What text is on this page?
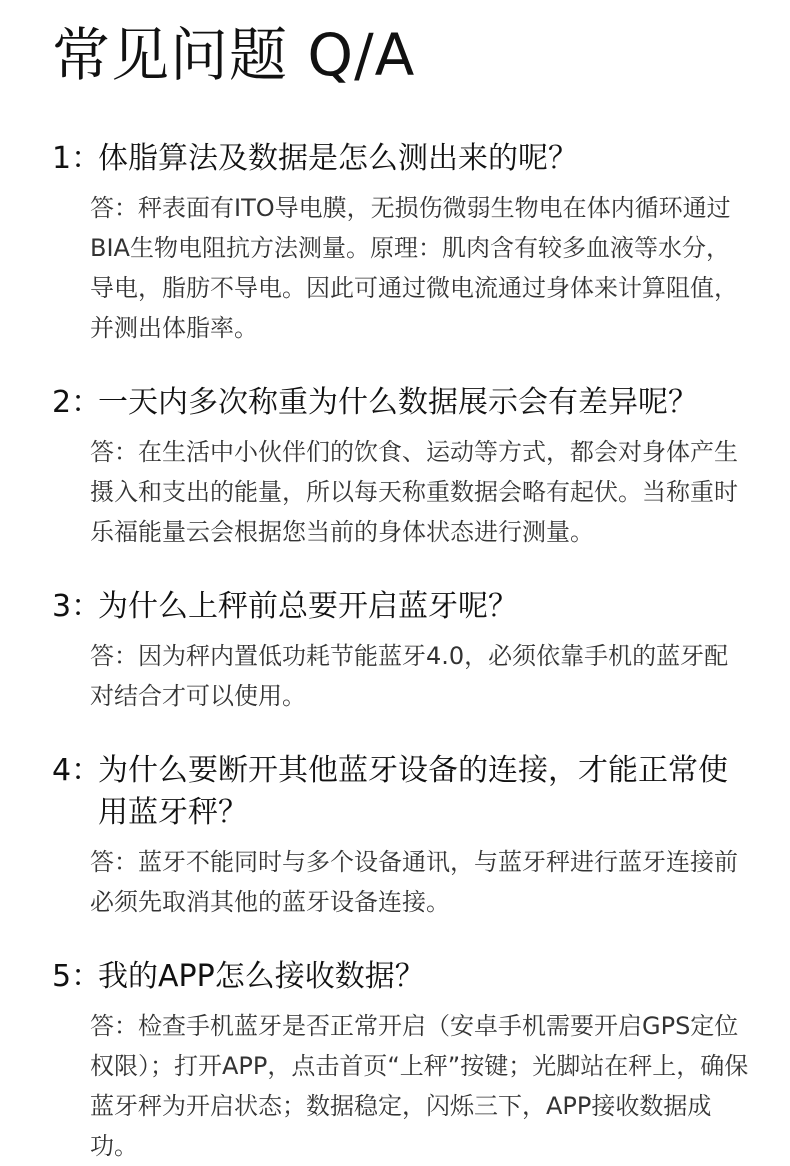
常见问题 Q/A
1：
体脂算法及数据是怎么测出来的呢？
答：秤表面有ITO导电膜，无损伤微弱生物电在体内循环通过BIA生物电阻抗方法测量。原理：肌肉含有较多血液等水分，导电，脂肪不导电。因此可通过微电流通过身体来计算阻值，并测出体脂率。
2：
一天内多次称重为什么数据展示会有差异呢？
答：在生活中小伙伴们的饮食、运动等方式，都会对身体产生摄入和支出的能量，所以每天称重数据会略有起伏。当称重时乐福能量云会根据您当前的身体状态进行测量。
3：
为什么上秤前总要开启蓝牙呢？
答：因为秤内置低功耗节能蓝牙4.0，必须依靠手机的蓝牙配对结合才可以使用。
4：
为什么要断开其他蓝牙设备的连接，才能正常使用蓝牙秤？
答：蓝牙不能同时与多个设备通讯，与蓝牙秤进行蓝牙连接前必须先取消其他的蓝牙设备连接。
5：
我的APP怎么接收数据？
答：检查手机蓝牙是否正常开启（安卓手机需要开启GPS定位权限）；打开APP，点击首页“上秤”按键；光脚站在秤上，确保蓝牙秤为开启状态；数据稳定，闪烁三下，APP接收数据成功。
